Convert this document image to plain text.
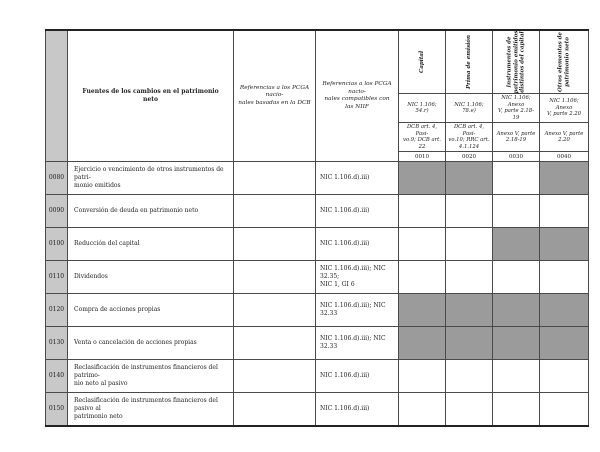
	Fuentes de los cambios en el patrimonio neto	Referencias a los PCGA nacio-
nales basadas en la DCB	Referencias a los PCGA nacio-
nales compatibles con las NIIF	Capital	Prima de emisión	Instrumentos de
patrimonio emitidos
distintos del capital	Otros elementos de
patrimonio neto

				NIC 1.106; 54.r)	NIC 1.106; 78.e)	NIC 1.106; Anexo
V, parte 2.18-19	NIC 1.106; Anexo
V, parte 2.20
				DCB art. 4, Pasi-
vo.9; DCB art. 22	DCB art. 4, Pasi-
vo.10; RRC art.
4.1.124	Anexo V, parte
2.18-19	Anexo V, parte 2.20
				0010	0020	0030	0040
0080	Ejercicio o vencimiento de otros instrumentos de patri-
monio emitidos		NIC 1.106.d).iii)				
0090	Conversión de deuda en patrimonio neto		NIC 1.106.d).iii)				
0100	Reducción del capital		NIC 1.106.d).iii)				
0110	Dividendos		NIC 1.106.d).iii); NIC 32.35;
NIC 1, GI 6				
0120	Compra de acciones propias		NIC 1.106.d).iii); NIC 32.33				
0130	Venta o cancelación de acciones propias		NIC 1.106.d).iii); NIC 32.33				
0140	Reclasificación de instrumentos financieros del patrimo-
nio neto al pasivo		NIC 1.106.d).iii)				
0150	Reclasificación de instrumentos financieros del pasivo al
patrimonio neto		NIC 1.106.d).iii)				
